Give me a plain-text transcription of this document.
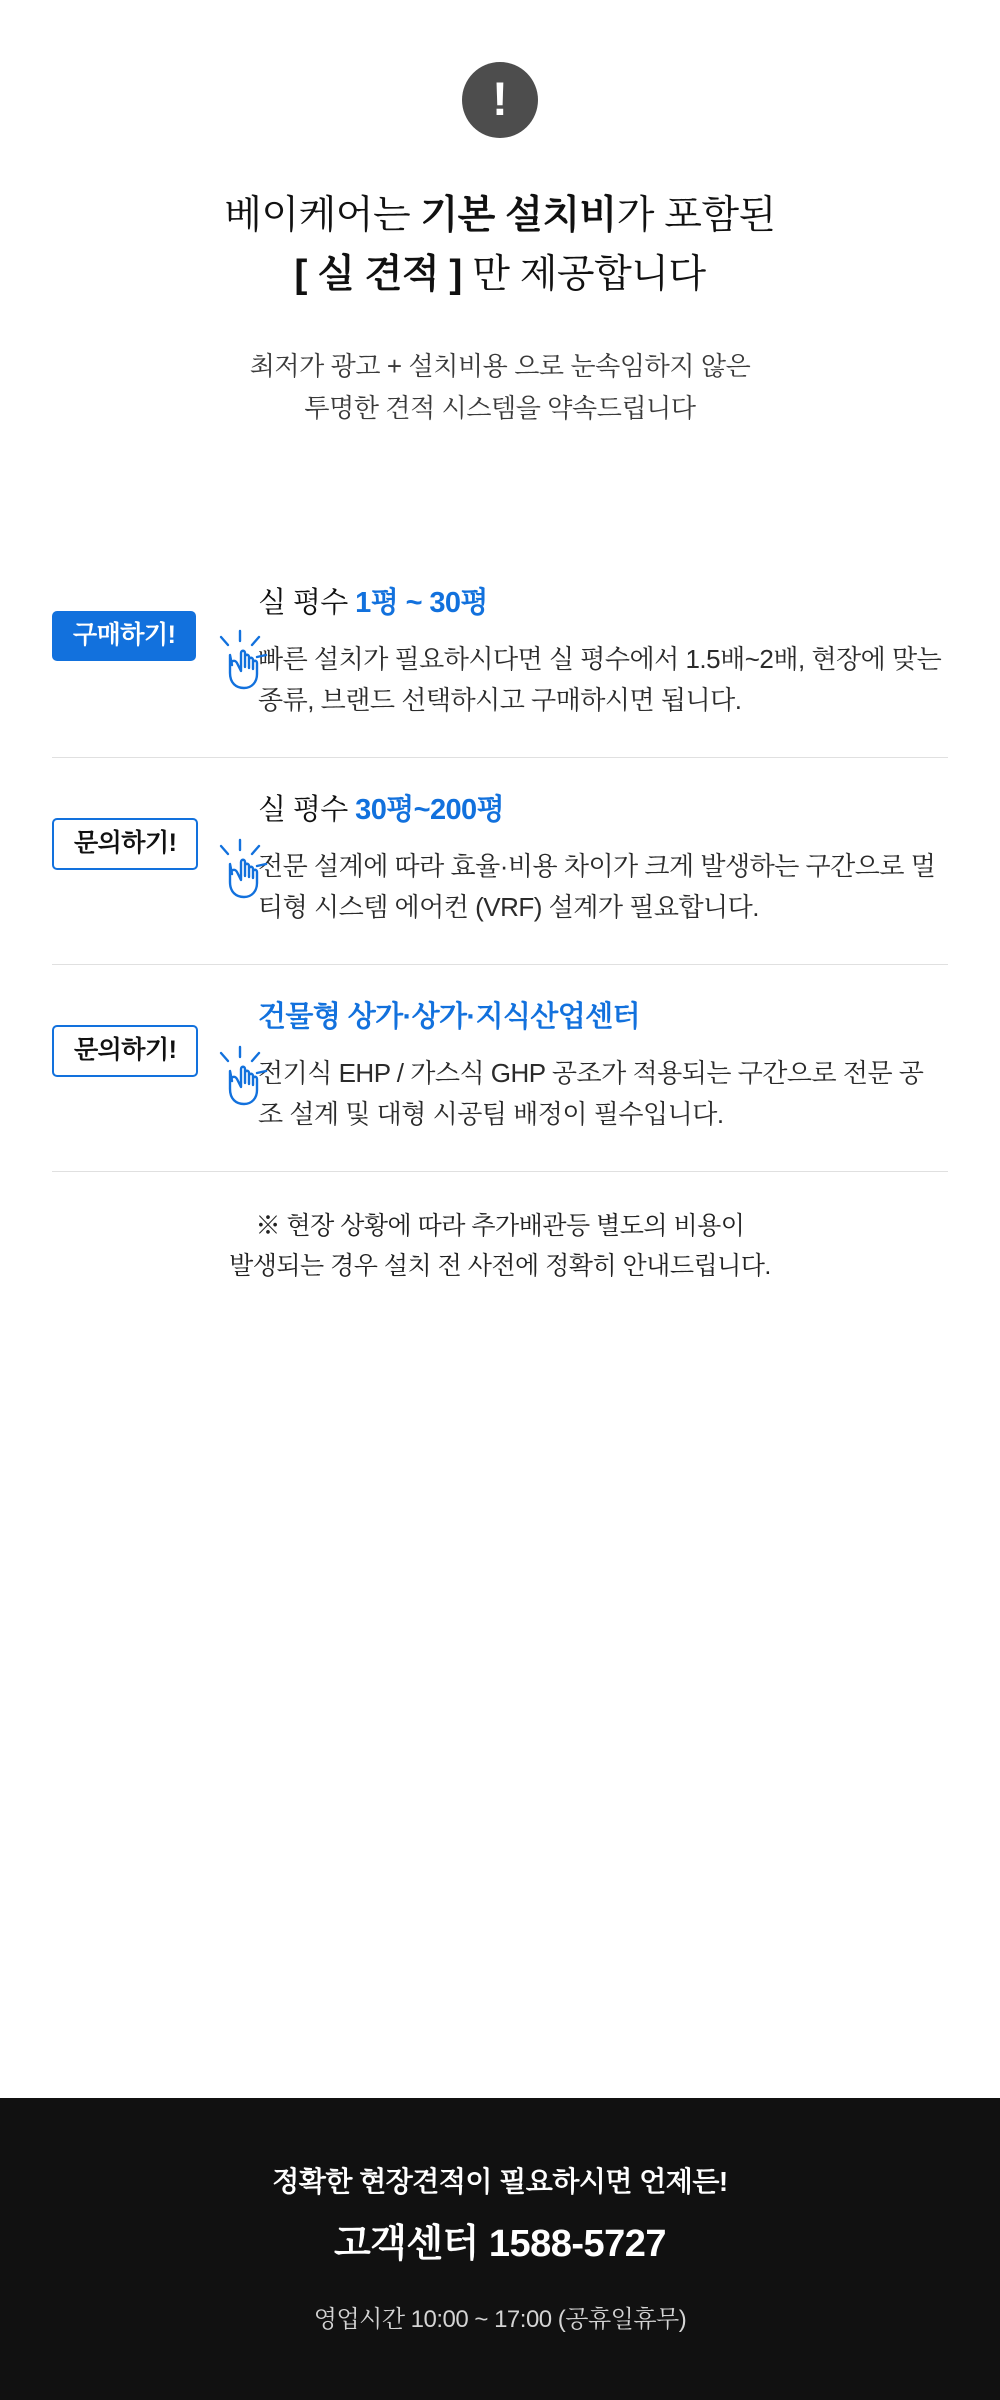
!
베이케어는 기본 설치비가 포함된
[ 실 견적 ] 만 제공합니다
최저가 광고 + 설치비용 으로 눈속임하지 않은
투명한 견적 시스템을 약속드립니다
구매하기!
실 평수 1평 ~ 30평
빠른 설치가 필요하시다면 실 평수에서 1.5배~2배, 현장에 맞는 종류, 브랜드 선택하시고 구매하시면 됩니다.
문의하기!
실 평수 30평~200평
전문 설계에 따라 효율·비용 차이가 크게 발생하는 구간으로 멀티형 시스템 에어컨 (VRF) 설계가 필요합니다.
문의하기!
건물형 상가·상가·지식산업센터
전기식 EHP / 가스식 GHP 공조가 적용되는 구간으로 전문 공조 설계 및 대형 시공팀 배정이 필수입니다.
※ 현장 상황에 따라 추가배관등 별도의 비용이
발생되는 경우 설치 전 사전에 정확히 안내드립니다.
정확한 현장견적이 필요하시면 언제든!
고객센터 1588-5727
영업시간 10:00 ~ 17:00 (공휴일휴무)
